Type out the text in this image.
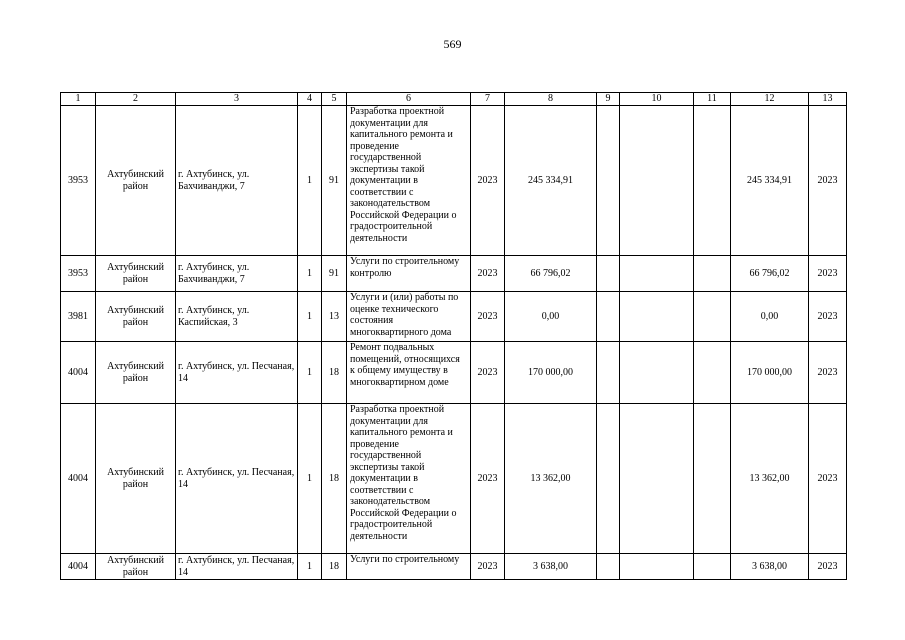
569
1	2	3	4	5	6	7	8	9	10	11	12	13
3953	Ахтубинский район	г. Ахтубинск, ул. Бахчиванджи, 7	1	91	Разработка проектной документации для капитального ремонта и проведение государственной экспертизы такой документации в соответствии с законодательством Российской Федерации о градостроительной деятельности	2023	245 334,91				245 334,91	2023
3953	Ахтубинский район	г. Ахтубинск, ул. Бахчиванджи, 7	1	91	Услуги по строительному контролю	2023	66 796,02				66 796,02	2023
3981	Ахтубинский район	г. Ахтубинск, ул. Каспийская, 3	1	13	Услуги и (или) работы по оценке технического состояния многоквартирного дома	2023	0,00				0,00	2023
4004	Ахтубинский район	г. Ахтубинск, ул. Песчаная, 14	1	18	Ремонт подвальных помещений, относящихся к общему имуществу в многоквартирном доме	2023	170 000,00				170 000,00	2023
4004	Ахтубинский район	г. Ахтубинск, ул. Песчаная, 14	1	18	Разработка проектной документации для капитального ремонта и проведение государственной экспертизы такой документации в соответствии с законодательством Российской Федерации о градостроительной деятельности	2023	13 362,00				13 362,00	2023
4004	Ахтубинский район	г. Ахтубинск, ул. Песчаная, 14	1	18	Услуги по строительному	2023	3 638,00				3 638,00	2023
